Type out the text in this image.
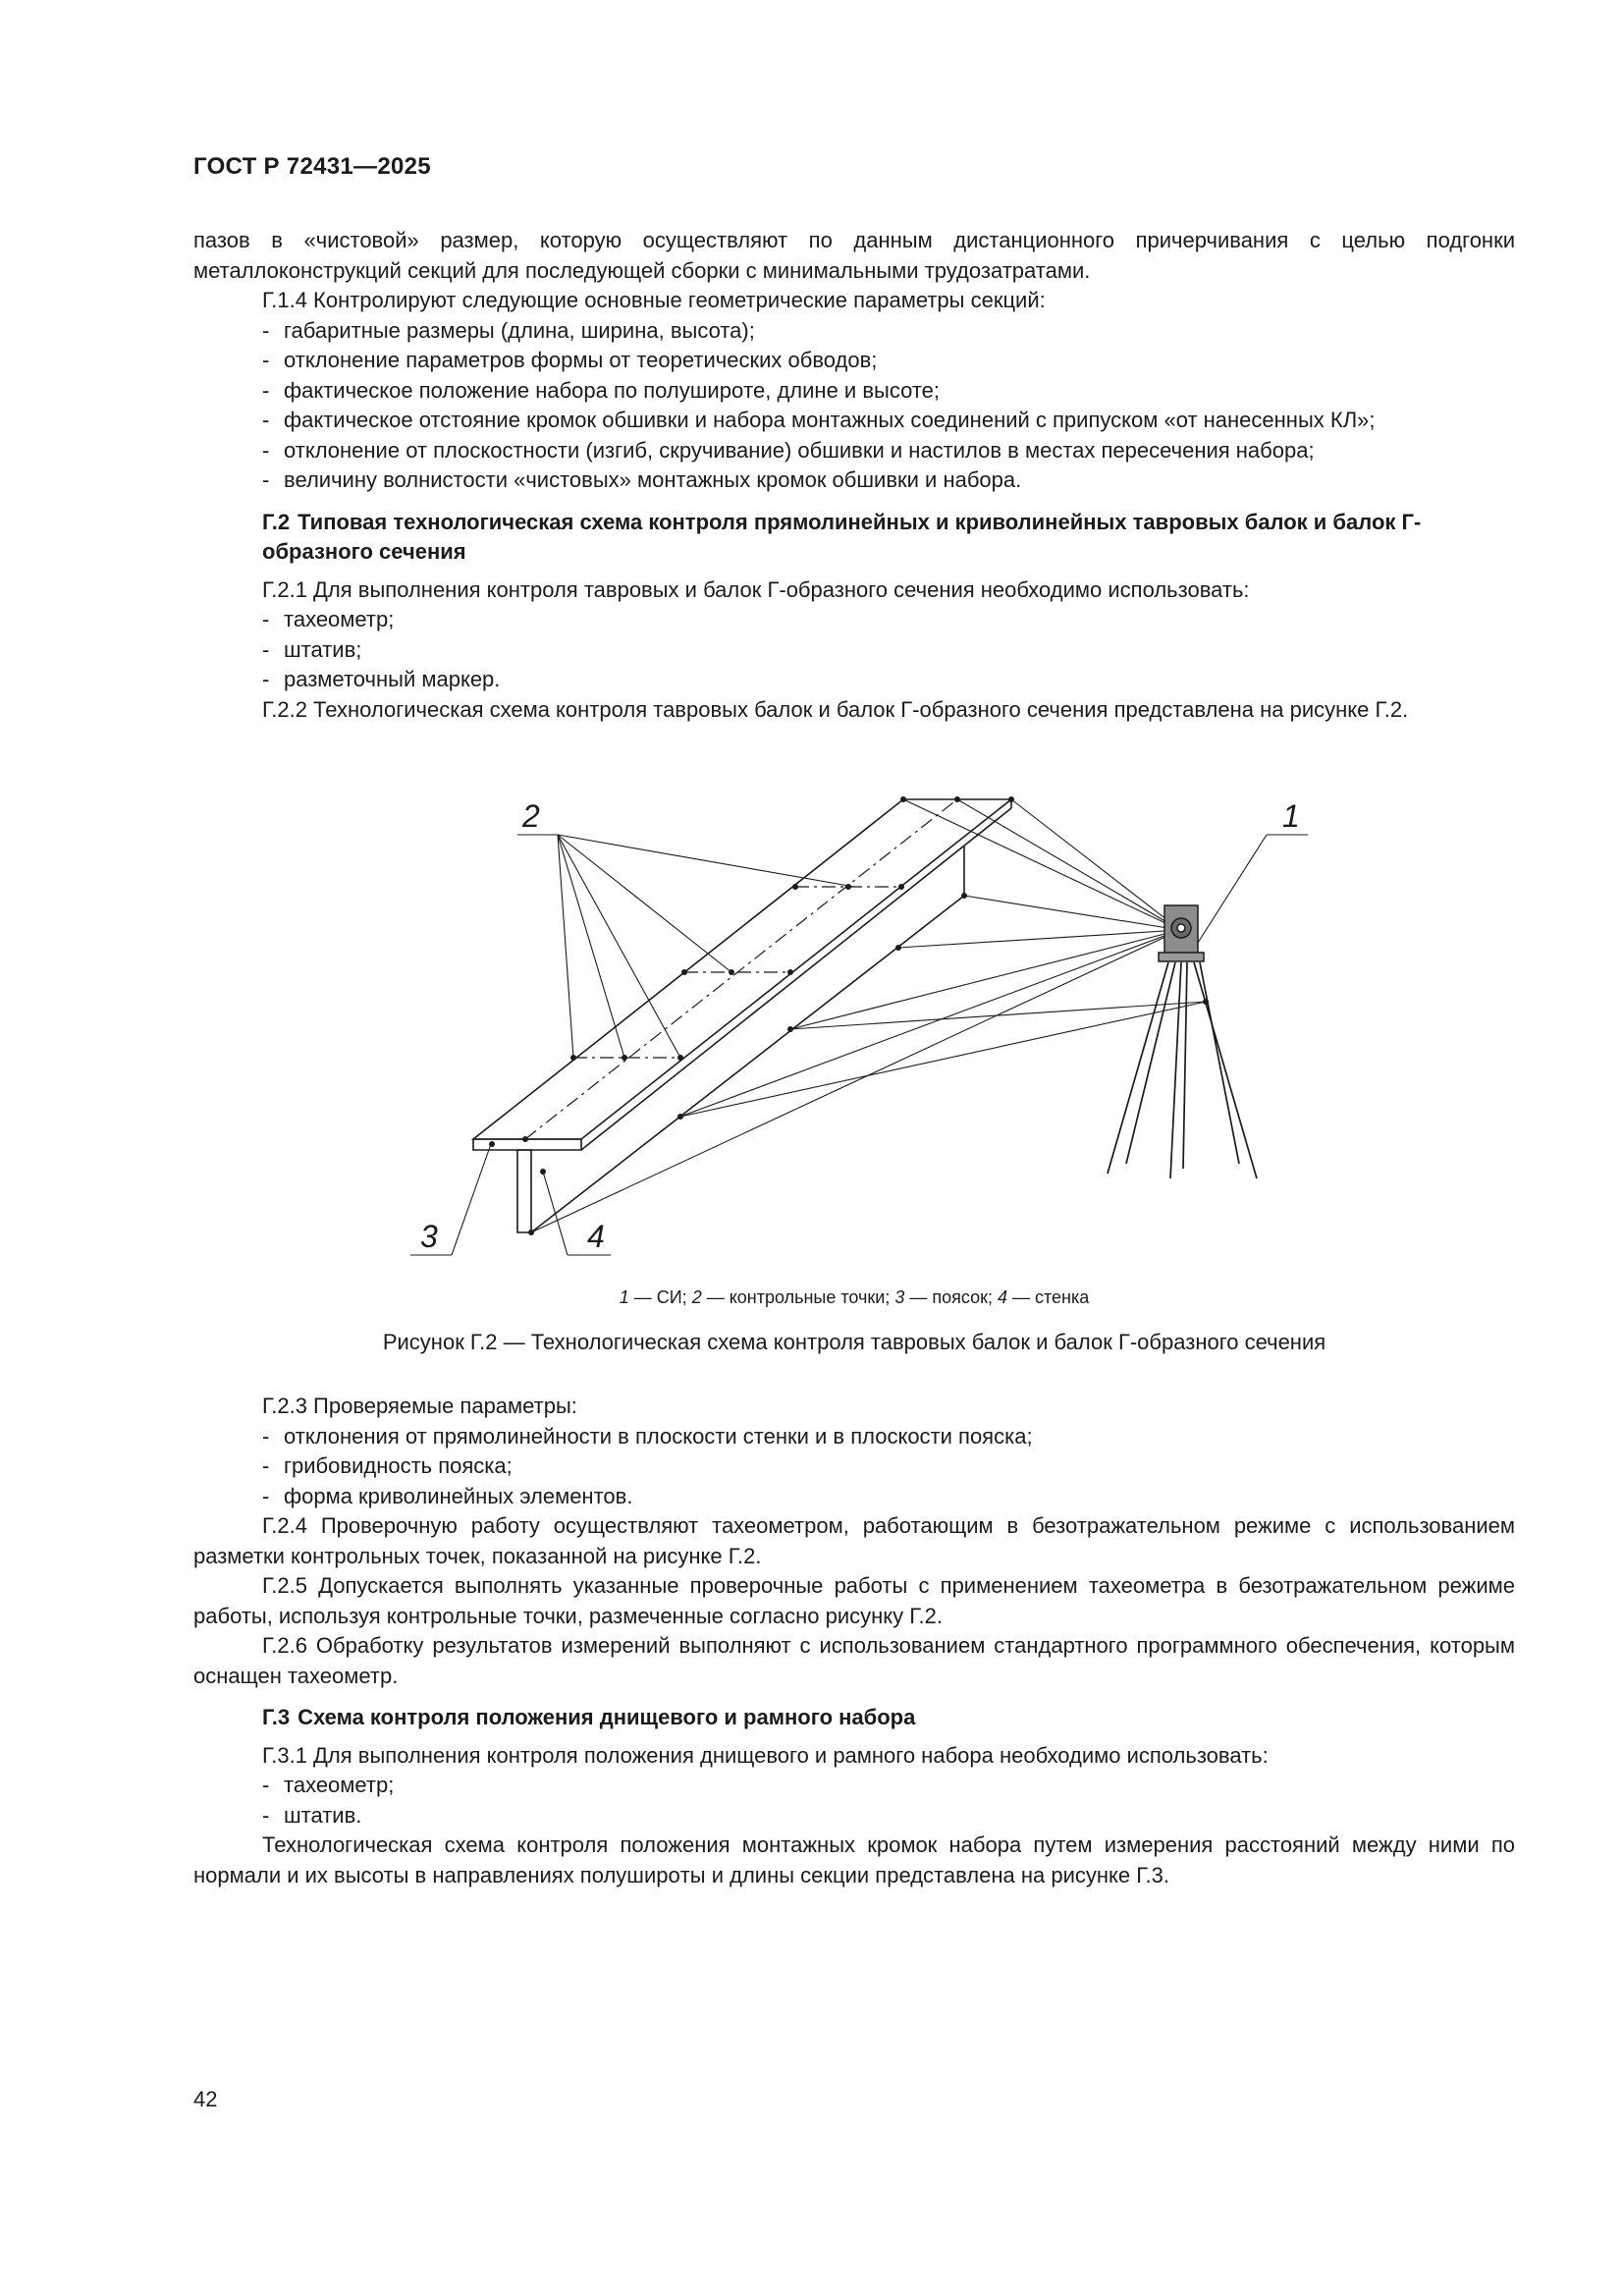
ГОСТ Р 72431—2025
пазов в «чистовой» размер, которую осуществляют по данным дистанционного причерчивания с целью подгонки металлоконструкций секций для последующей сборки с минимальными трудозатратами.
Г.1.4 Контролируют следующие основные геометрические параметры секций:
- габаритные размеры (длина, ширина, высота);
- отклонение параметров формы от теоретических обводов;
- фактическое положение набора по полуширoте, длине и высоте;
- фактическое отстояние кромок обшивки и набора монтажных соединений с припуском «от нанесенных КЛ»;
- отклонение от плоскостности (изгиб, скручивание) обшивки и настилов в местах пересечения набора;
- величину волнистости «чистовых» монтажных кромок обшивки и набора.
Г.2 Типовая технологическая схема контроля прямолинейных и криволинейных тавровых балок и балок Г-образного сечения
Г.2.1 Для выполнения контроля тавровых и балок Г-образного сечения необходимо использовать:
- тахеометр;
- штатив;
- разметочный маркер.
Г.2.2 Технологическая схема контроля тавровых балок и балок Г-образного сечения представлена на рисунке Г.2.
2	1
3	4
1 — СИ; 2 — контрольные точки; 3 — поясок; 4 — стенка
Рисунок Г.2 — Технологическая схема контроля тавровых балок и балок Г-образного сечения
Г.2.3 Проверяемые параметры:
- отклонения от прямолинейности в плоскости стенки и в плоскости пояска;
- грибовидность пояска;
- форма криволинейных элементов.
Г.2.4 Проверочную работу осуществляют тахеометром, работающим в безотражательном режиме с использованием разметки контрольных точек, показанной на рисунке Г.2.
Г.2.5 Допускается выполнять указанные проверочные работы с применением тахеометра в безотражательном режиме работы, используя контрольные точки, размеченные согласно рисунку Г.2.
Г.2.6 Обработку результатов измерений выполняют с использованием стандартного программного обеспечения, которым оснащен тахеометр.
Г.3 Схема контроля положения днищевого и рамного набора
Г.3.1 Для выполнения контроля положения днищевого и рамного набора необходимо использовать:
- тахеометр;
- штатив.
Технологическая схема контроля положения монтажных кромок набора путем измерения расстояний между ними по нормали и их высоты в направлениях полуширoты и длины секции представлена на рисунке Г.3.
42
